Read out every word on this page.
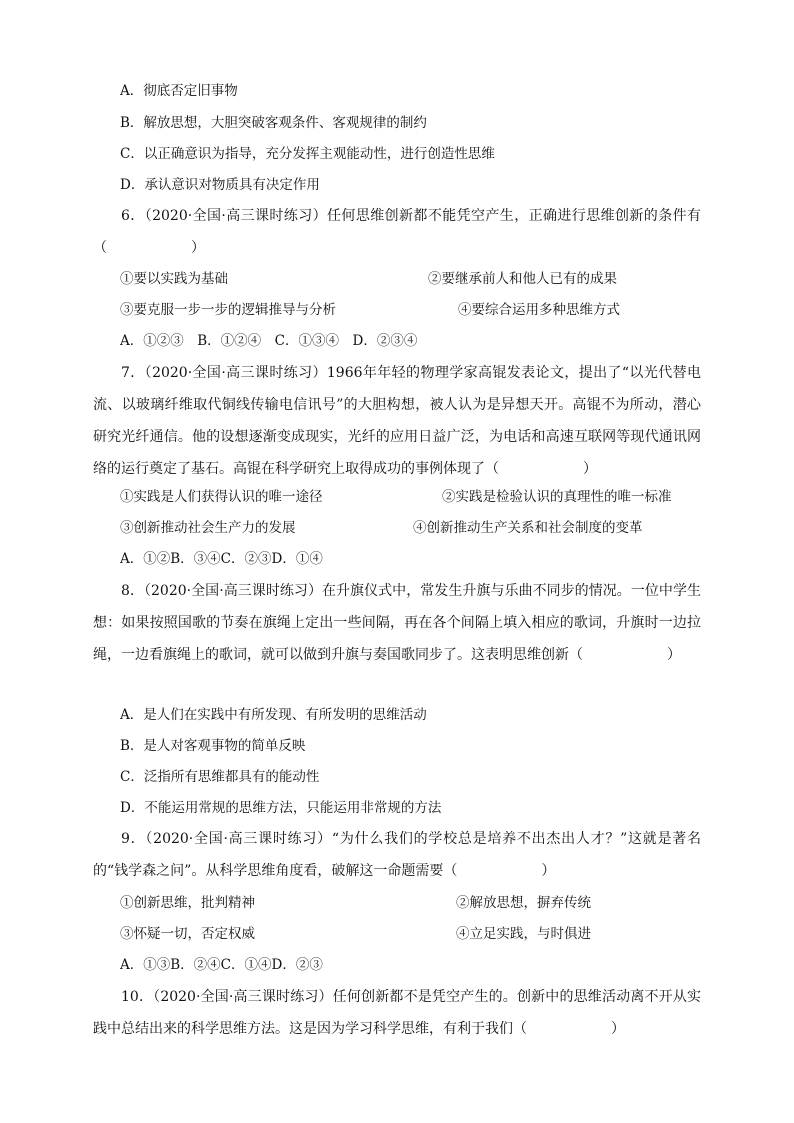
A．彻底否定旧事物
B．解放思想，大胆突破客观条件、客观规律的制约
C．以正确意识为指导，充分发挥主观能动性，进行创造性思维
D．承认意识对物质具有决定作用
6．（2020·全国·高三课时练习）任何思维创新都不能凭空产生，正确进行思维创新的条件有（　　　　　　）
①要以实践为基础	②要继承前人和他人已有的成果
③要克服一步一步的逻辑推导与分析	④要综合运用多种思维方式
A．①②③　B．①②④　C．①③④　D．②③④
7．（2020·全国·高三课时练习）1966年年轻的物理学家高锟发表论文，提出了“以光代替电流、以玻璃纤维取代铜线传输电信讯号”的大胆构想，被人认为是异想天开。高锟不为所动，潜心研究光纤通信。他的设想逐渐变成现实，光纤的应用日益广泛，为电话和高速互联网等现代通讯网络的运行奠定了基石。高锟在科学研究上取得成功的事例体现了（　　　　　　）
①实践是人们获得认识的唯一途径	②实践是检验认识的真理性的唯一标准
③创新推动社会生产力的发展	④创新推动生产关系和社会制度的变革
A．①②B．③④C．②③D．①④
8．（2020·全国·高三课时练习）在升旗仪式中，常发生升旗与乐曲不同步的情况。一位中学生想：如果按照国歌的节奏在旗绳上定出一些间隔，再在各个间隔上填入相应的歌词，升旗时一边拉绳，一边看旗绳上的歌词，就可以做到升旗与奏国歌同步了。这表明思维创新（　　　　　　）
A．是人们在实践中有所发现、有所发明的思维活动
B．是人对客观事物的简单反映
C．泛指所有思维都具有的能动性
D．不能运用常规的思维方法，只能运用非常规的方法
9．（2020·全国·高三课时练习）“为什么我们的学校总是培养不出杰出人才？”这就是著名的“钱学森之问”。从科学思维角度看，破解这一命题需要（　　　　　　）
①创新思维，批判精神	②解放思想，摒弃传统
③怀疑一切，否定权威	④立足实践，与时俱进
A．①③B．②④C．①④D．②③
10．（2020·全国·高三课时练习）任何创新都不是凭空产生的。创新中的思维活动离不开从实践中总结出来的科学思维方法。这是因为学习科学思维，有利于我们（　　　　　　）
